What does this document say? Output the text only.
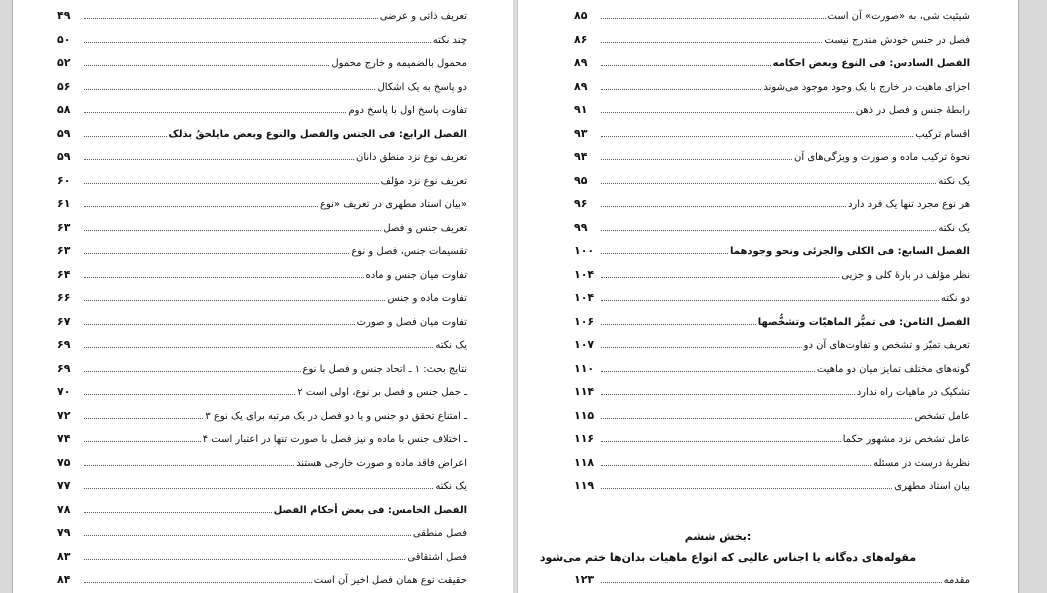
تعریف ذاتی و عرضی
۴۹
چند نکته
۵۰
محمول بالضمیمه و خارج محمول
۵۲
دو پاسخ به یک اشکال
۵۶
تفاوت پاسخ اول با پاسخ دوم
۵۸
الفصل الرابع: فی الجنس والفصل والنوع وبعض مایلحقُ بذلک
۵۹
تعریف نوع نزد منطق دانان
۵۹
تعریف نوع نزد مؤلف
۶۰
بیان استاد مطهری در تعریف «نوع»
۶۱
تعریف جنس و فصل
۶۳
تقسیمات جنس، فصل و نوع
۶۳
تفاوت میان جنس و ماده
۶۴
تفاوت ماده و جنس
۶۶
تفاوت میان فصل و صورت
۶۷
یک نکته
۶۹
نتایج بحث: ۱ ـ اتحاد جنس و فصل با نوع
۶۹
۲ ـ حمل جنس و فصل بر نوع، اولی است
۷۰
۳ ـ امتناع تحقق دو جنس و یا دو فصل در یک مرتبه برای یک نوع
۷۲
۴ ـ اختلاف جنس با ماده و نیز فصل با صورت تنها در اعتبار است
۷۴
اعراض فاقد ماده و صورت خارجی هستند
۷۵
یک نکته
۷۷
الفصل الخامس: فی بعض أحکام الفصل
۷۸
فصل منطقی
۷۹
فصل اشتقاقی
۸۳
حقیقت نوع همان فصل اخیر آن است
۸۴
شیئیت شی، به «صورت» آن است
۸۵
فصل در جنس خودش مندرج نیست
۸۶
الفصل السادس: فی النوع وبعض احکامه
۸۹
اجزای ماهیت در خارج با یک وجود موجود می‌شوند
۸۹
رابطهٔ جنس و فصل در ذهن
۹۱
اقسام ترکیب
۹۳
نحوهٔ ترکیب ماده و صورت و ویژگی‌های آن
۹۴
یک نکته
۹۵
هر نوع مجرد تنها یک فرد دارد
۹۶
یک نکته
۹۹
الفصل السابع: فی الکلی والجزئی ونحو وجودهما
۱۰۰
نظر مؤلف در بارهٔ کلی و جزیی
۱۰۴
دو نکته
۱۰۴
الفصل الثامن: فی تمیُّز الماهیّات وتشخُّصها
۱۰۶
تعریف تمیّز و تشخص و تفاوت‌های آن دو
۱۰۷
گونه‌های مختلف تمایز میان دو ماهیت
۱۱۰
تشکیک در ماهیات راه ندارد
۱۱۴
عامل تشخص
۱۱۵
عامل تشخص نزد مشهور حکما
۱۱۶
نظریهٔ درست در مسئله
۱۱۸
بیان استاد مطهری
۱۱۹
بخش ششم:
مقوله‌های ده‌گانه یا اجناس عالیی که انواع ماهیات بدان‌ها ختم می‌شود
مقدمه
۱۲۳
